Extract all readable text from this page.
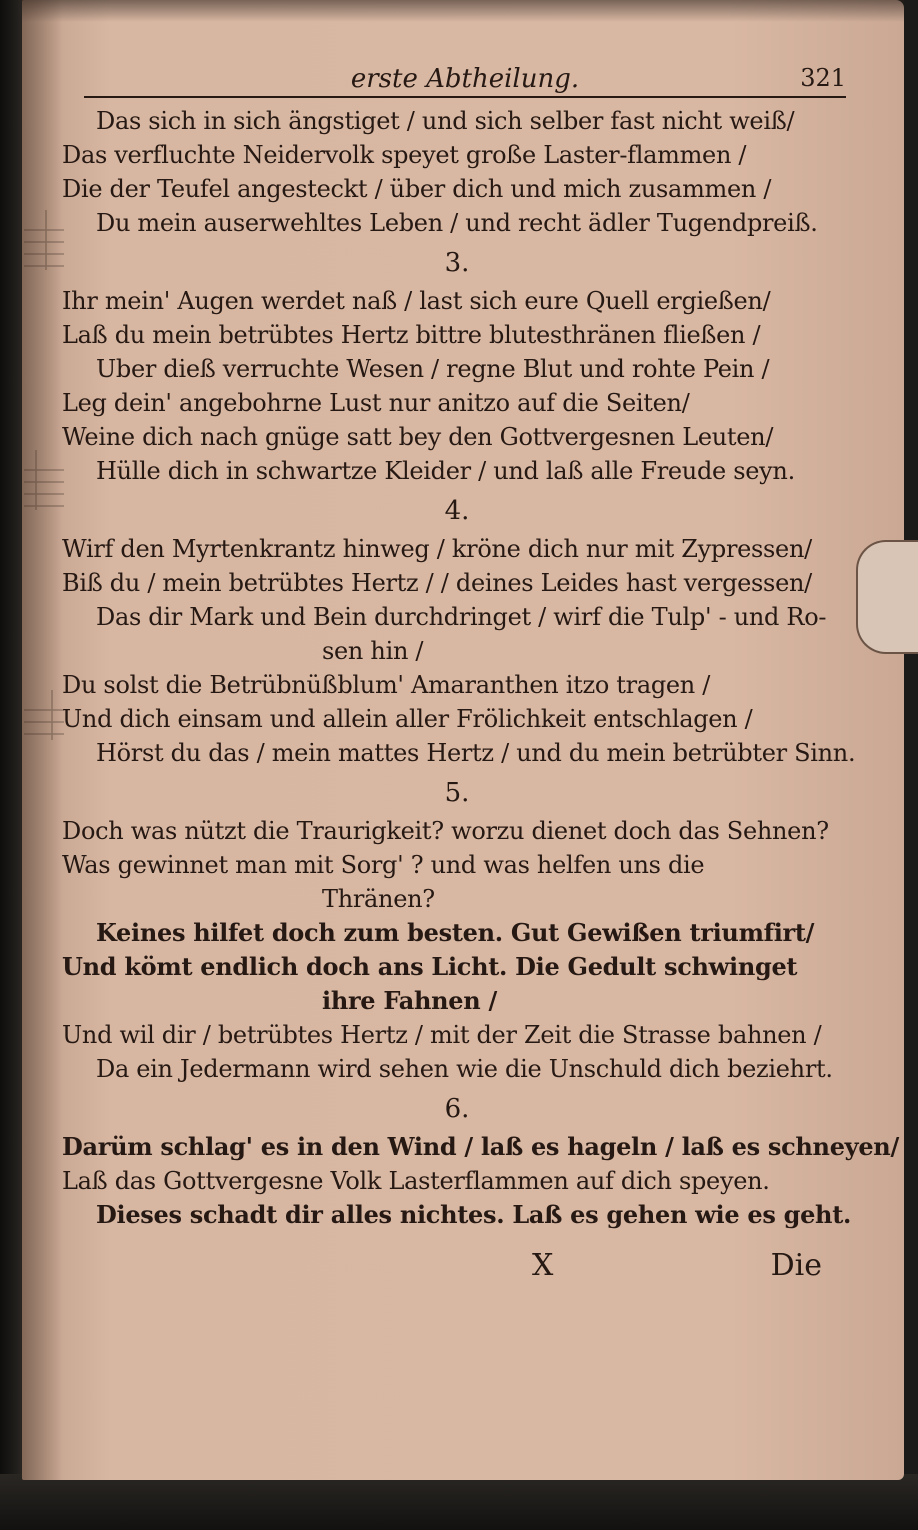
erste Abtheilung.	321
Das sich in sich ängstiget / und sich selber fast nicht weiß/
Das verfluchte Neidervolk speyet große Laster-flammen /
Die der Teufel angesteckt / über dich und mich zusammen /
Du mein auserwehltes Leben / und recht ädler Tugendpreiß.
3.
Ihr mein' Augen werdet naß / last sich eure Quell ergießen/
Laß du mein betrübtes Hertz bittre blutesthränen fließen /
Uber dieß verruchte Wesen / regne Blut und rohte Pein /
Leg dein' angebohrne Lust nur anitzo auf die Seiten/
Weine dich nach gnüge satt bey den Gottvergesnen Leuten/
Hülle dich in schwartze Kleider / und laß alle Freude seyn.
4.
Wirf den Myrtenkrantz hinweg / kröne dich nur mit Zypressen/
Biß du / mein betrübtes Hertz / / deines Leides hast vergessen/
Das dir Mark und Bein durchdringet / wirf die Tulp' - und Ro-
sen hin /
Du solst die Betrübnüßblum' Amaranthen itzo tragen /
Und dich einsam und allein aller Frölichkeit entschlagen /
Hörst du das / mein mattes Hertz / und du mein betrübter Sinn.
5.
Doch was nützt die Traurigkeit? worzu dienet doch das Sehnen?
Was gewinnet man mit Sorg' ? und was helfen uns die
Thränen?
Keines hilfet doch zum besten. Gut Gewißen triumfirt/
Und kömt endlich doch ans Licht. Die Gedult schwinget
ihre Fahnen /
Und wil dir / betrübtes Hertz / mit der Zeit die Strasse bahnen /
Da ein Jedermann wird sehen wie die Unschuld dich beziehrt.
6.
Darüm schlag' es in den Wind / laß es hageln / laß es schneyen/
Laß das Gottvergesne Volk Lasterflammen auf dich speyen.
Dieses schadt dir alles nichtes. Laß es gehen wie es geht.
X	Die
